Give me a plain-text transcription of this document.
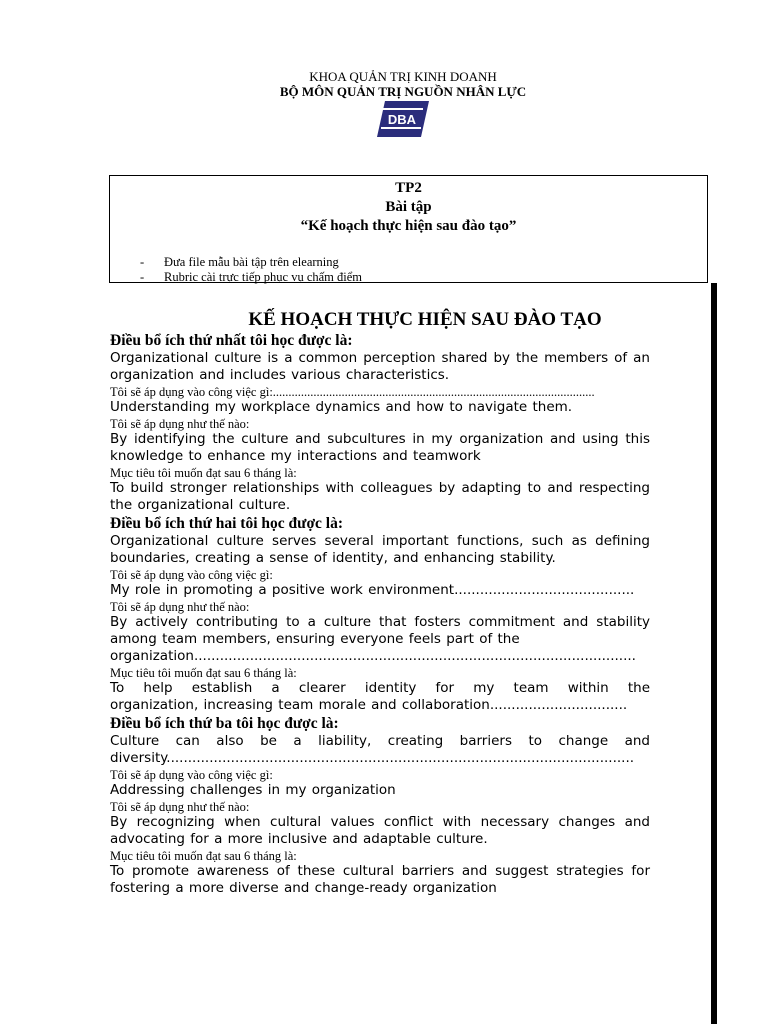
KHOA QUẢN TRỊ KINH DOANH
BỘ MÔN QUẢN TRỊ NGUỒN NHÂN LỰC
DBA
TP2
Bài tập
“Kế hoạch thực hiện sau đào tạo”
- Đưa file mẫu bài tập trên elearning
- Rubric cài trực tiếp phục vụ chấm điểm
KẾ HOẠCH THỰC HIỆN SAU ĐÀO TẠO
Điều bổ ích thứ nhất tôi học được là:

Organizational culture is a common perception shared by the members of an organization and includes various characteristics.

Tôi sẽ áp dụng vào công việc gì:.......................................................................................................

Understanding my workplace dynamics and how to navigate them.

Tôi sẽ áp dụng như thế nào:

By identifying the culture and subcultures in my organization and using this knowledge to enhance my interactions and teamwork

Mục tiêu tôi muốn đạt sau 6 tháng là:

To build stronger relationships with colleagues by adapting to and respecting the organizational culture.

Điều bổ ích thứ hai tôi học được là:

Organizational culture serves several important functions, such as defining boundaries, creating a sense of identity, and enhancing stability.

Tôi sẽ áp dụng vào công việc gì:

My role in promoting a positive work environment..........................................

Tôi sẽ áp dụng như thế nào:

By actively contributing to a culture that fosters commitment and stability among team members, ensuring everyone feels part of the

organization.......................................................................................................

Mục tiêu tôi muốn đạt sau 6 tháng là:

To help establish a clearer identity for my team within the

organization, increasing team morale and collaboration................................

Điều bổ ích thứ ba tôi học được là:

Culture can also be a liability, creating barriers to change and

diversity.............................................................................................................

Tôi sẽ áp dụng vào công việc gì:

Addressing challenges in my organization

Tôi sẽ áp dụng như thế nào:

By recognizing when cultural values conflict with necessary changes and advocating for a more inclusive and adaptable culture.

Mục tiêu tôi muốn đạt sau 6 tháng là:

To promote awareness of these cultural barriers and suggest strategies for fostering a more diverse and change-ready organization
